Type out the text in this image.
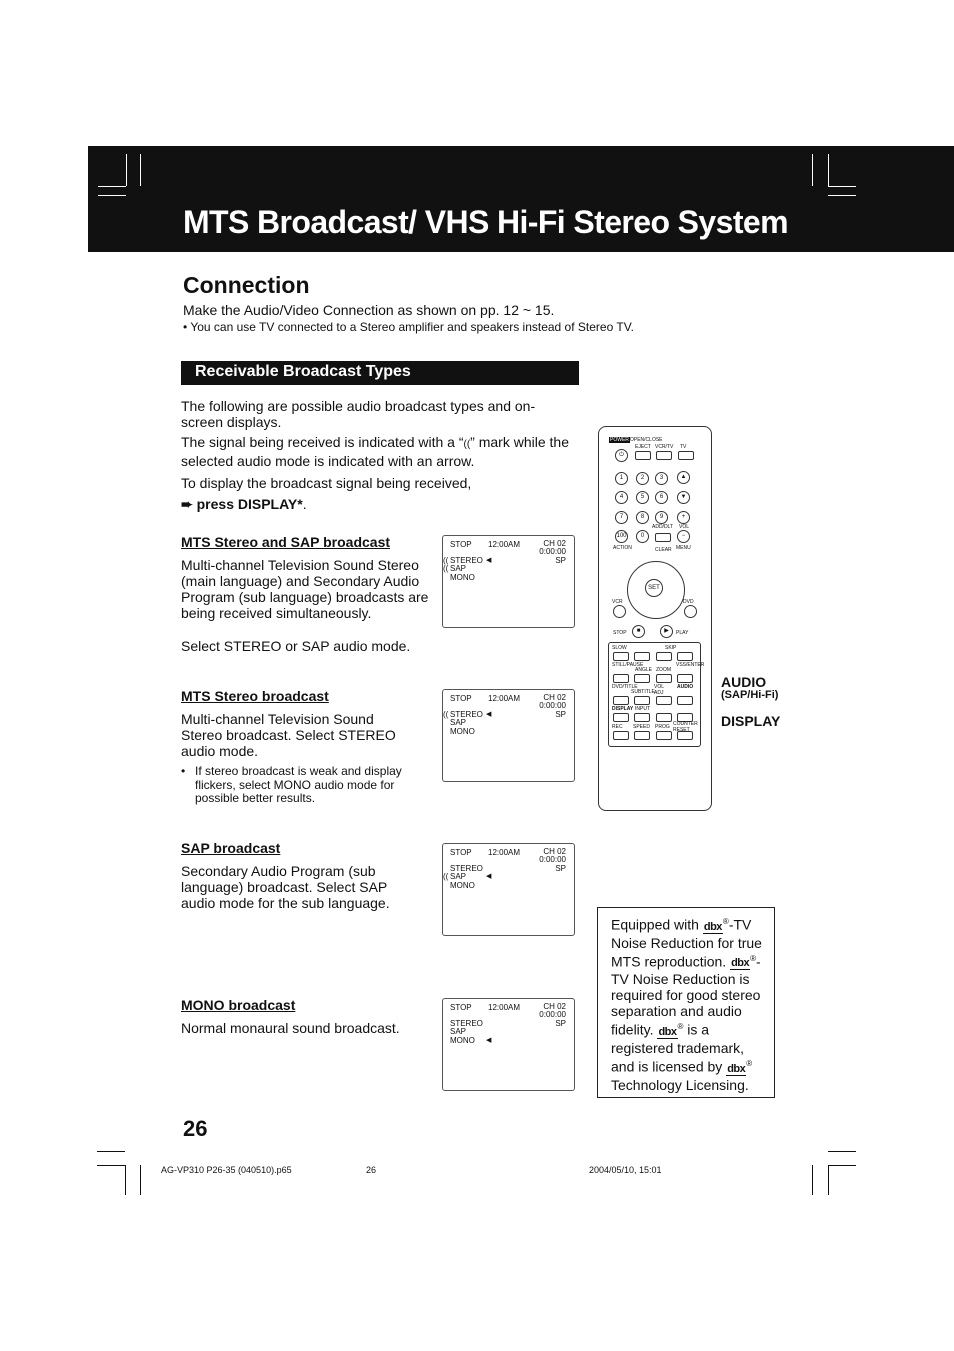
MTS Broadcast/ VHS Hi-Fi Stereo System
Connection
Make the Audio/Video Connection as shown on pp. 12 ~ 15.
• You can use TV connected to a Stereo amplifier and speakers instead of Stereo TV.
Receivable Broadcast Types
The following are possible audio broadcast types and on-screen displays.
The signal being received is indicated with a “((” mark while the selected audio mode is indicated with an arrow.
To display the broadcast signal being received,
➨ press DISPLAY*.
MTS Stereo and SAP broadcast
Multi-channel Television Sound Stereo (main language) and Secondary Audio Program (sub language) broadcasts are being received simultaneously.
Select STEREO or SAP audio mode.
MTS Stereo broadcast
Multi-channel Television Sound Stereo broadcast. Select STEREO audio mode.
• If stereo broadcast is weak and display flickers, select MONO audio mode for possible better results.
SAP broadcast
Secondary Audio Program (sub language) broadcast. Select SAP audio mode for the sub language.
MONO broadcast
Normal monaural sound broadcast.
STOP 12:00AM	CH 02
0:00:00
SP
((
((
STEREO ◀
SAP
MONO
STOP 12:00AM	CH 02
0:00:00
SP
(( STEREO ◀
SAP
MONO
STOP 12:00AM	CH 02
0:00:00
SP
((
STEREO
SAP	◀
MONO
STOP 12:00AM	CH 02
0:00:00
SP
STEREO
SAP
MONO ◀
POWER OPEN/CLOSE
EJECT VCR/TV TV
⏻
1	2	3	▲
4	5	6	▼
7	8	9	+
ADD/DLT VOL
100	0	−
ACTION	CLEAR MENU
SET
VCR	DVD
STOP	■	▶	PLAY
SLOW	SKIP
STILL/PAUSE
ANGLE ZOOM
VSS/ENTER
DVD/TITLE
SUBTITLE
VOL ADJ
AUDIO
DISPLAY INPUT
REC SPEED PROG COUNTER RESET
AUDIO
(SAP/Hi-Fi)
DISPLAY
Equipped with dbx®-TV Noise Reduction for true MTS reproduction. dbx®-TV Noise Reduction is required for good stereo separation and audio fidelity. dbx® is a registered trademark, and is licensed by dbx® Technology Licensing.
26
AG-VP310 P26-35 (040510).p65	26	2004/05/10, 15:01
